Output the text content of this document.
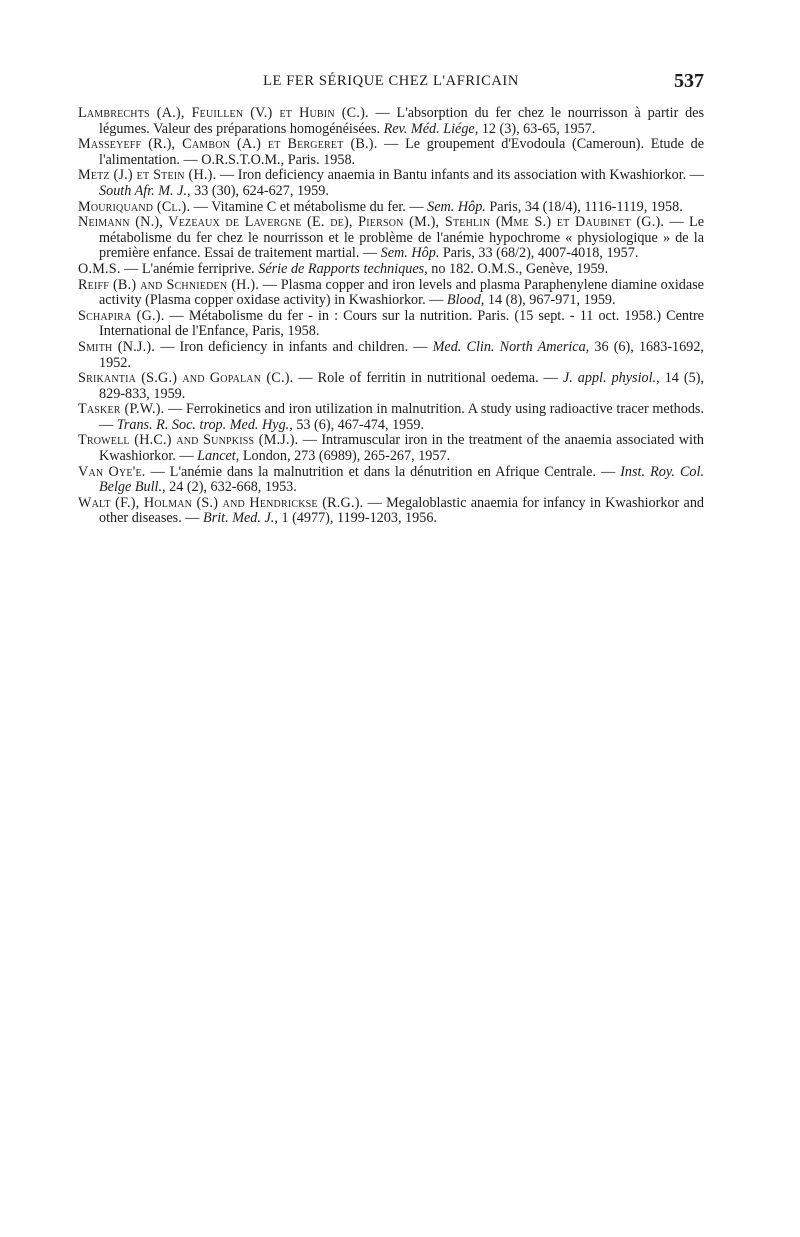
LE FER SÉRIQUE CHEZ L'AFRICAIN	537

Lambrechts (A.), Feuillen (V.) et Hubin (C.). — L'absorption du fer chez le nourrisson à partir des légumes. Valeur des préparations homogénéisées. Rev. Méd. Liége, 12 (3), 63-65, 1957.

Masseyeff (R.), Cambon (A.) et Bergeret (B.). — Le groupement d'Evodoula (Cameroun). Etude de l'alimentation. — O.R.S.T.O.M., Paris. 1958.

Metz (J.) et Stein (H.). — Iron deficiency anaemia in Bantu infants and its association with Kwashiorkor. — South Afr. M. J., 33 (30), 624-627, 1959.

Mouriquand (Cl.). — Vitamine C et métabolisme du fer. — Sem. Hôp. Paris, 34 (18/4), 1116-1119, 1958.

Neimann (N.), Vezeaux de Lavergne (E. de), Pierson (M.), Stehlin (Mme S.) et Daubinet (G.). — Le métabolisme du fer chez le nourrisson et le problème de l'anémie hypochrome « physiologique » de la première enfance. Essai de traitement martial. — Sem. Hôp. Paris, 33 (68/2), 4007-4018, 1957.

O.M.S. — L'anémie ferriprive. Série de Rapports techniques, no 182. O.M.S., Genève, 1959.

Reiff (B.) and Schnieden (H.). — Plasma copper and iron levels and plasma Paraphenylene diamine oxidase activity (Plasma copper oxidase activity) in Kwashiorkor. — Blood, 14 (8), 967-971, 1959.

Schapira (G.). — Métabolisme du fer - in : Cours sur la nutrition. Paris. (15 sept. - 11 oct. 1958.) Centre International de l'Enfance, Paris, 1958.

Smith (N.J.). — Iron deficiency in infants and children. — Med. Clin. North America, 36 (6), 1683-1692, 1952.

Srikantia (S.G.) and Gopalan (C.). — Role of ferritin in nutritional oedema. — J. appl. physiol., 14 (5), 829-833, 1959.

Tasker (P.W.). — Ferrokinetics and iron utilization in malnutrition. A study using radioactive tracer methods. — Trans. R. Soc. trop. Med. Hyg., 53 (6), 467-474, 1959.

Trowell (H.C.) and Sunpkiss (M.J.). — Intramuscular iron in the treatment of the anaemia associated with Kwashiorkor. — Lancet, London, 273 (6989), 265-267, 1957.

Van Oye'e. — L'anémie dans la malnutrition et dans la dénutrition en Afrique Centrale. — Inst. Roy. Col. Belge Bull., 24 (2), 632-668, 1953.

Walt (F.), Holman (S.) and Hendrickse (R.G.). — Megaloblastic anaemia for infancy in Kwashiorkor and other diseases. — Brit. Med. J., 1 (4977), 1199-1203, 1956.
